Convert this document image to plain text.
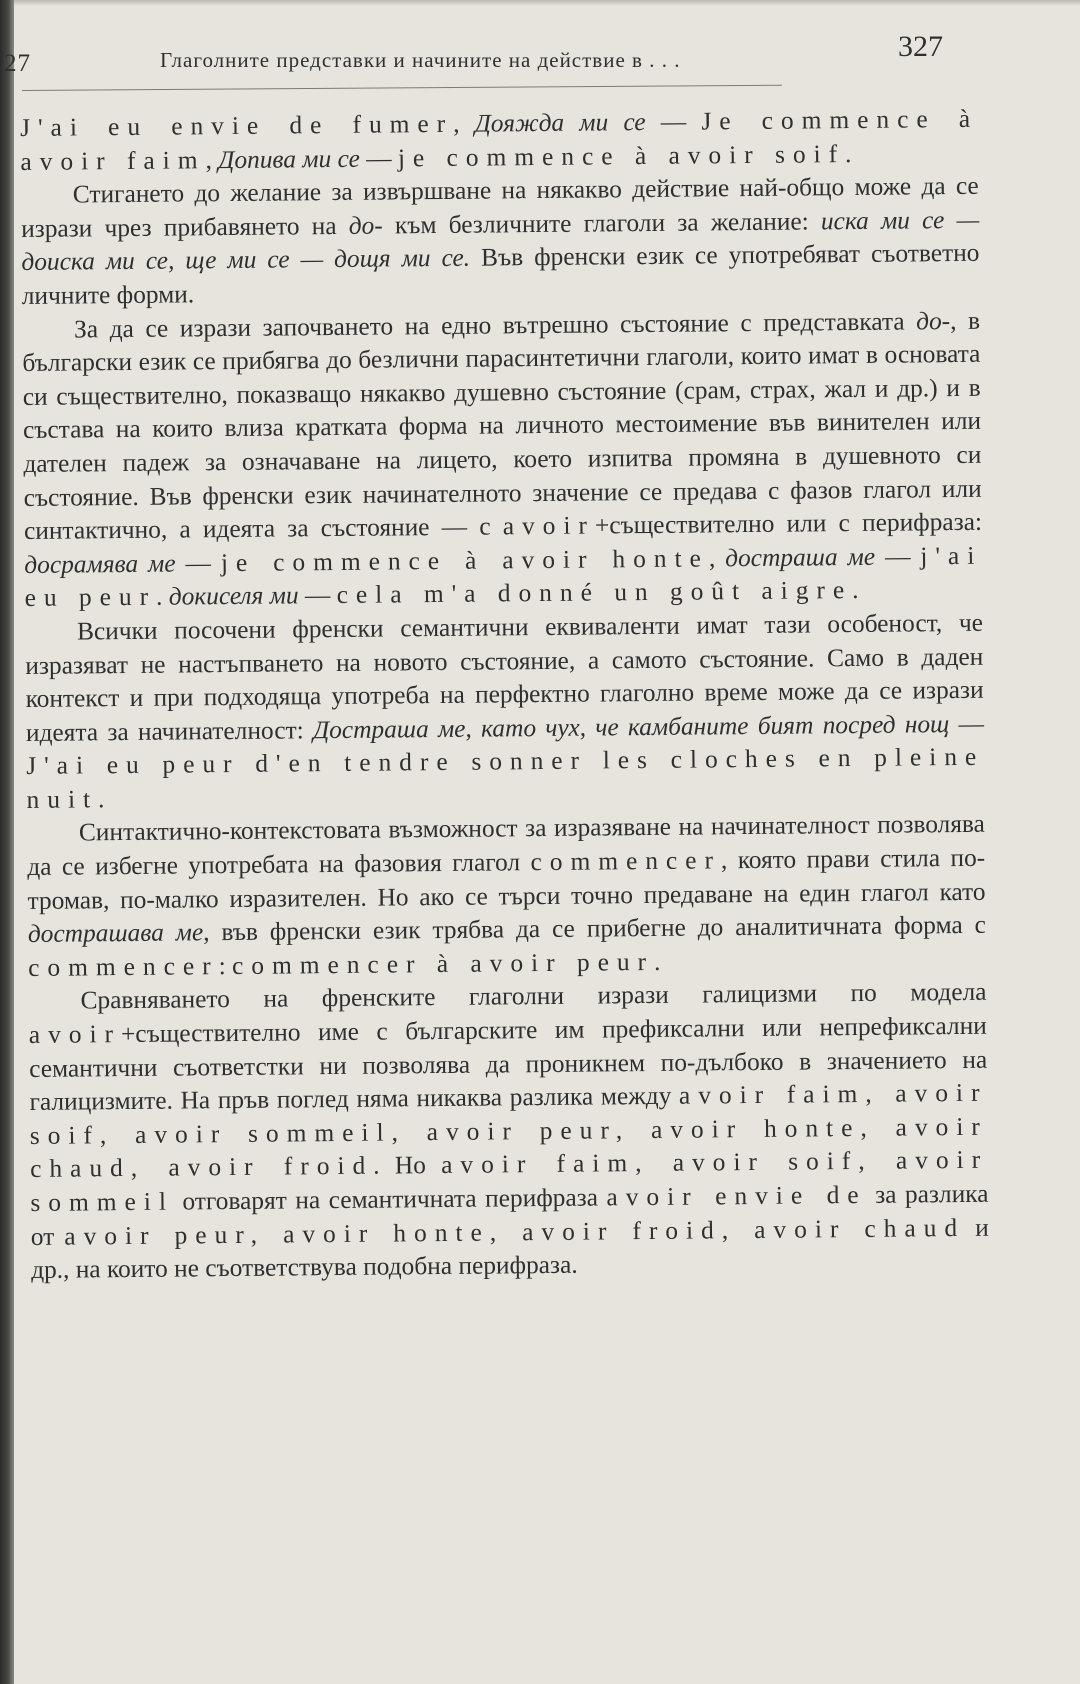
27	Глаголните представки и начините на действие в . . .	327

J'ai eu envie de fumer, Дояжда ми се — Je commence à avoir faim, Допива ми се — je commence à avoir soif.

Стигането до желание за извършване на някакво действие най-общо може да се изрази чрез прибавянето на до- към безличните глаголи за желание: иска ми се — доиска ми се, ще ми се — дощя ми се. Във френски език се употребяват съответно личните форми.

За да се изрази започването на едно вътрешно състояние с представката до-, в български език се прибягва до безлични парасинтетични глаголи, които имат в основата си съществително, показващо някакво душевно състояние (срам, страх, жал и др.) и в състава на които влиза кратката форма на личното местоимение във винителен или дателен падеж за означаване на лицето, което изпитва промяна в душевното си състояние. Във френски език начинателното значение се предава с фазов глагол или синтактично, а идеята за състояние — с avoir+съществително или с перифраза: досрамява ме — je commence à avoir honte, дострашa ме — j'ai eu peur. докиселя ми — cela m'a donné un goût aigre.

Всички посочени френски семантични еквиваленти имат тази особеност, че изразяват не настъпването на новото състояние, а самото състояние. Само в даден контекст и при подходяща употреба на перфектно глаголно време може да се изрази идеята за начинателност: Дострaша ме, като чух, че камбаните бият посред нощ — J'ai eu peur d'en tendre sonner les cloches en pleine nuit.

Синтактично-контекстовата възможност за изразяване на начинателност позволява да се избегне употребата на фазовия глагол commencer, която прави стила по-тромав, по-малко изразителен. Но ако се търси точно предаване на един глагол като дострашава ме, във френски език трябва да се прибегне до аналитичната форма с commencer: commencer à avoir peur.

Сравняването на френските глаголни изрази галицизми по модела avoir+съществително име с българските им префиксални или непрефиксални семантични съответстки ни позволява да проникнем по-дълбоко в значението на галицизмите. На пръв поглед няма никаква разлика между avoir faim, avoir soif, avoir sommeil, avoir peur, avoir honte, avoir chaud, avoir froid. Но avoir faim, avoir soif, avoir sommeil отговарят на семантичната перифраза avoir envie de за разлика от avoir peur, avoir honte, avoir froid, avoir chaud и др., на които не съответствува подобна перифраза.
